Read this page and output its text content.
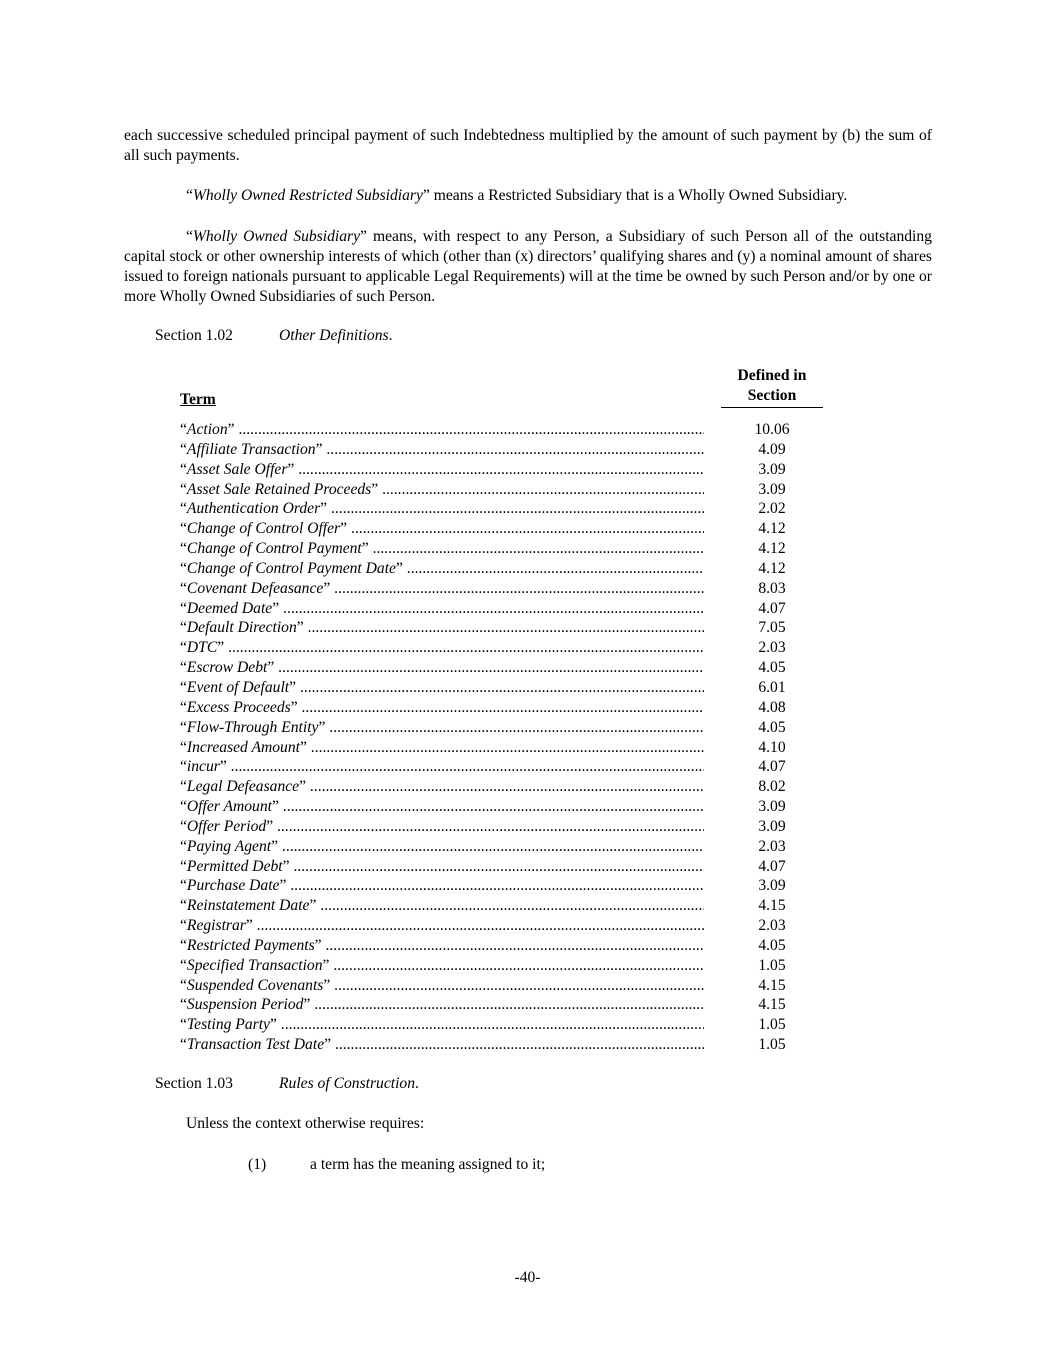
each successive scheduled principal payment of such Indebtedness multiplied by the amount of such payment by (b) the sum of all such payments.

“Wholly Owned Restricted Subsidiary” means a Restricted Subsidiary that is a Wholly Owned Subsidiary.

“Wholly Owned Subsidiary” means, with respect to any Person, a Subsidiary of such Person all of the outstanding capital stock or other ownership interests of which (other than (x) directors’ qualifying shares and (y) a nominal amount of shares issued to foreign nationals pursuant to applicable Legal Requirements) will at the time be owned by such Person and/or by one or more Wholly Owned Subsidiaries of such Person.

Section 1.02	Other Definitions.
Term
Defined in
Section
“Action” .....	10.06
“Affiliate Transaction” .....	4.09
“Asset Sale Offer” .....	3.09
“Asset Sale Retained Proceeds” .....	3.09
“Authentication Order” .....	2.02
“Change of Control Offer” .....	4.12
“Change of Control Payment” .....	4.12
“Change of Control Payment Date” .....	4.12
“Covenant Defeasance” .....	8.03
“Deemed Date” .....	4.07
“Default Direction” .....	7.05
“DTC” .....	2.03
“Escrow Debt” .....	4.05
“Event of Default” .....	6.01
“Excess Proceeds” .....	4.08
“Flow-Through Entity” .....	4.05
“Increased Amount” .....	4.10
“incur” .....	4.07
“Legal Defeasance” .....	8.02
“Offer Amount” .....	3.09
“Offer Period” .....	3.09
“Paying Agent” .....	2.03
“Permitted Debt” .....	4.07
“Purchase Date” .....	3.09
“Reinstatement Date” .....	4.15
“Registrar” .....	2.03
“Restricted Payments” .....	4.05
“Specified Transaction” .....	1.05
“Suspended Covenants” .....	4.15
“Suspension Period” .....	4.15
“Testing Party” .....	1.05
“Transaction Test Date” .....	1.05
Section 1.03	Rules of Construction.
Unless the context otherwise requires:
(1)	a term has the meaning assigned to it;
-40-
